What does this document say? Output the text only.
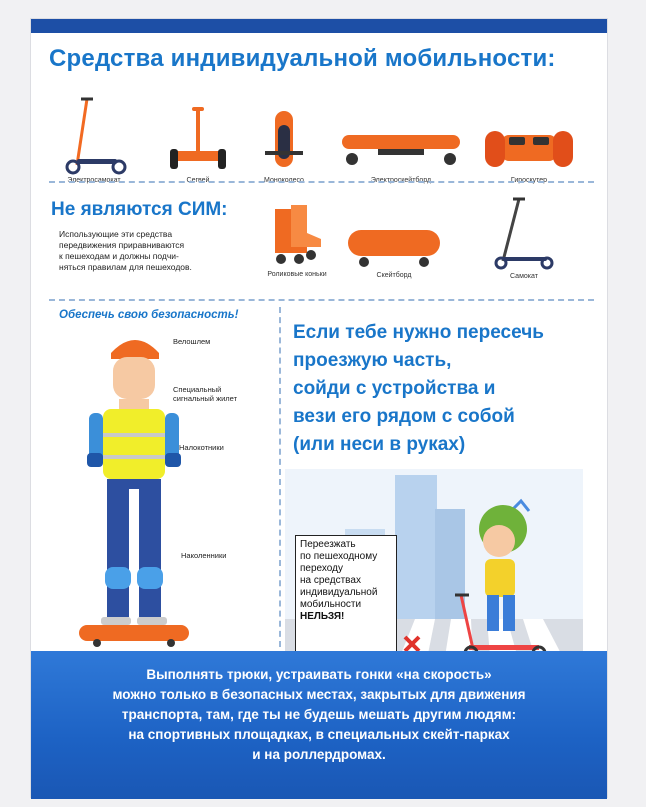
Средства индивидуальной мобильности:
Электросамокат	Сегвей	Моноколесо	Электроскейтборд	Гироскутер
Не являются СИМ:
Использующие эти средства
передвижения приравниваются
к пешеходам и должны подчи-
няться правилам для пешеходов.
Роликовые коньки	Скейтборд	Самокат
Обеспечь свою безопасность!
Велошлем
Специальный
сигнальный жилет
Налокотники
Наколенники
Если тебе нужно пересечь
проезжую часть,
сойди с устройства и
вези его рядом с собой
(или неси в руках)
Переезжать
по пешеходному
переходу
на средствах
индивидуальной
мобильности
НЕЛЬЗЯ!
Выполнять трюки, устраивать гонки «на скорость»
можно только в безопасных местах, закрытых для движения
транспорта, там, где ты не будешь мешать другим людям:
на спортивных площадках, в специальных скейт-парках
и на роллердромах.
